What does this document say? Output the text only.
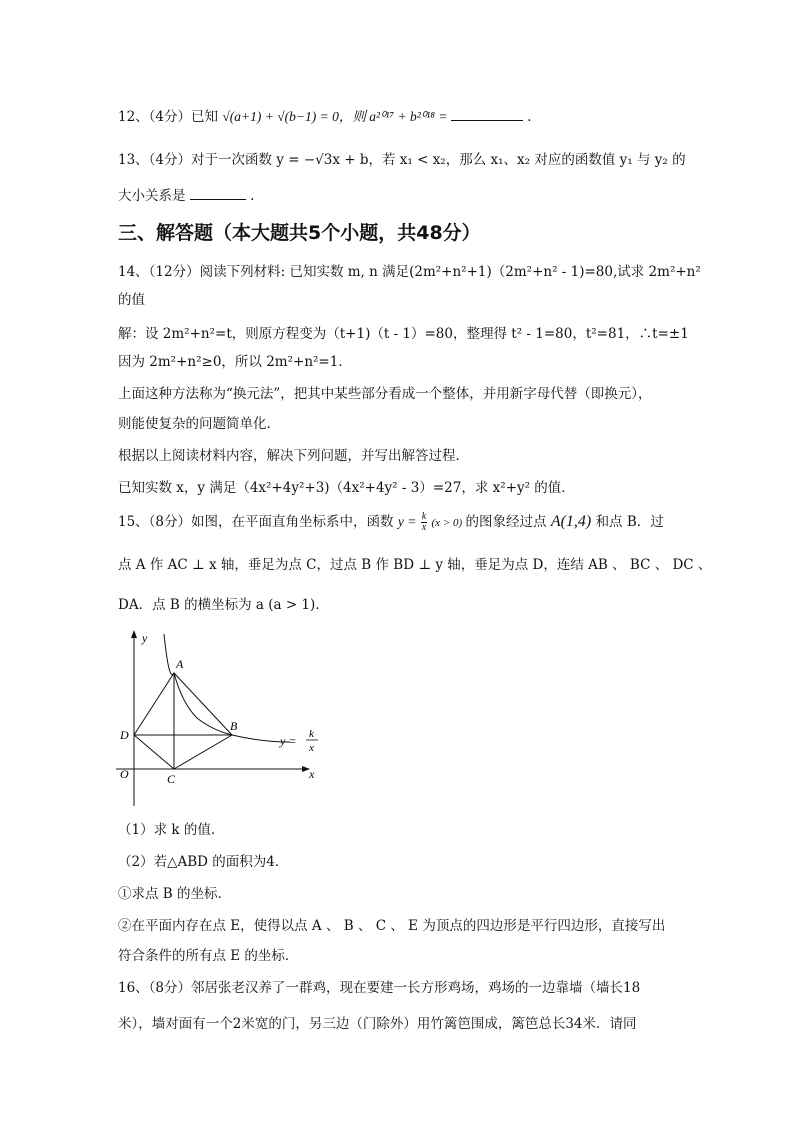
12、（4分）已知 √(a+1) + √(b−1) = 0，则 a²⁰¹⁷ + b²⁰¹⁸ =	.
13、（4分）对于一次函数 y = −√3x + b，若 x₁ < x₂，那么 x₁、x₂ 对应的函数值 y₁ 与 y₂ 的
大小关系是	.
三、解答题（本大题共5个小题，共48分）
14、（12分）阅读下列材料: 已知实数 m, n 满足(2m²+n²+1)（2m²+n² - 1)=80,试求 2m²+n²
的值
解：设 2m²+n²=t，则原方程变为（t+1)（t - 1）=80，整理得 t² - 1=80，t²=81，∴t=±1
因为 2m²+n²≥0，所以 2m²+n²=1．
上面这种方法称为“换元法”，把其中某些部分看成一个整体，并用新字母代替（即换元），
则能使复杂的问题简单化．
根据以上阅读材料内容，解决下列问题，并写出解答过程．
已知实数 x，y 满足（4x²+4y²+3)（4x²+4y² - 3）=27，求 x²+y² 的值．
15、（8分）如图，在平面直角坐标系中，函数 $y = \frac{k}{x} (x > 0)$ 的图象经过点 A(1,4) 和点 B．过
点 A 作 AC ⊥ x 轴，垂足为点 C，过点 B 作 BD ⊥ y 轴，垂足为点 D，连结 AB 、 BC 、 DC 、
DA．点 B 的横坐标为 a (a > 1)．
y
x
O
A
B
C
D	y = k
x
（1）求 k 的值．
（2）若△ABD 的面积为4．
①求点 B 的坐标．
②在平面内存在点 E，使得以点 A 、 B 、 C 、 E 为顶点的四边形是平行四边形，直接写出
符合条件的所有点 E 的坐标．
16、（8分）邻居张老汉养了一群鸡，现在要建一长方形鸡场，鸡场的一边靠墙（墙长18
米），墙对面有一个2米宽的门，另三边（门除外）用竹篱笆围成，篱笆总长34米．请同
